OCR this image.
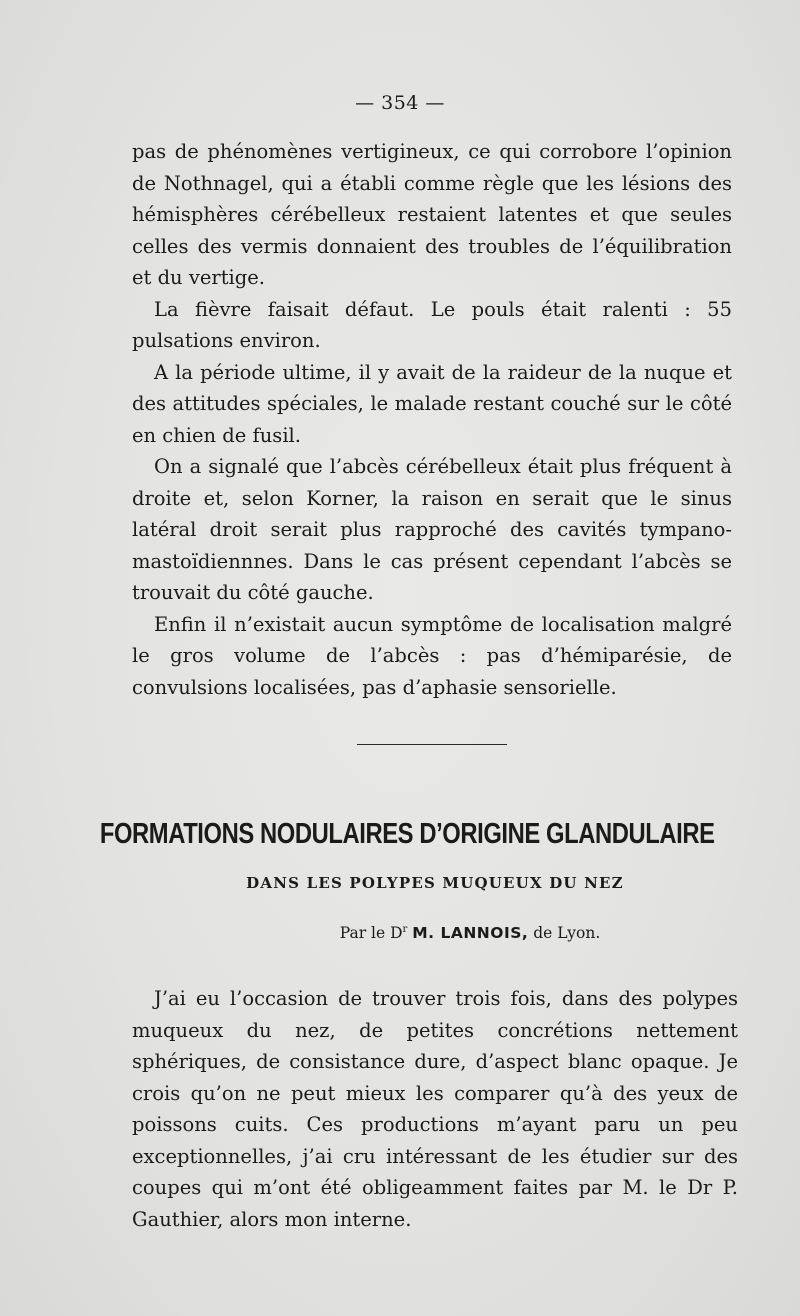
— 354 —

pas de phénomènes vertigineux, ce qui corrobore l’opinion de Nothnagel, qui a établi comme règle que les lésions des hémisphères cérébelleux restaient latentes et que seules celles des vermis donnaient des troubles de l’équilibration et du vertige.

La fièvre faisait défaut. Le pouls était ralenti : 55 pulsations environ.

A la période ultime, il y avait de la raideur de la nuque et des attitudes spéciales, le malade restant couché sur le côté en chien de fusil.

On a signalé que l’abcès cérébelleux était plus fréquent à droite et, selon Korner, la raison en serait que le sinus latéral droit serait plus rapproché des cavités tympano-mastoïdiennnes. Dans le cas présent cependant l’abcès se trouvait du côté gauche.

Enfin il n’existait aucun symptôme de localisation malgré le gros volume de l’abcès : pas d’hémiparésie, de convulsions localisées, pas d’aphasie sensorielle.

FORMATIONS NODULAIRES D’ORIGINE GLANDULAIRE
DANS LES POLYPES MUQUEUX DU NEZ
Par le $D^r$ M. LANNOIS, de Lyon.

J’ai eu l’occasion de trouver trois fois, dans des polypes muqueux du nez, de petites concrétions nettement sphériques, de consistance dure, d’aspect blanc opaque. Je crois qu’on ne peut mieux les comparer qu’à des yeux de poissons cuits. Ces productions m’ayant paru un peu exceptionnelles, j’ai cru intéressant de les étudier sur des coupes qui m’ont été obligeamment faites par M. le Dr P. Gauthier, alors mon interne.
